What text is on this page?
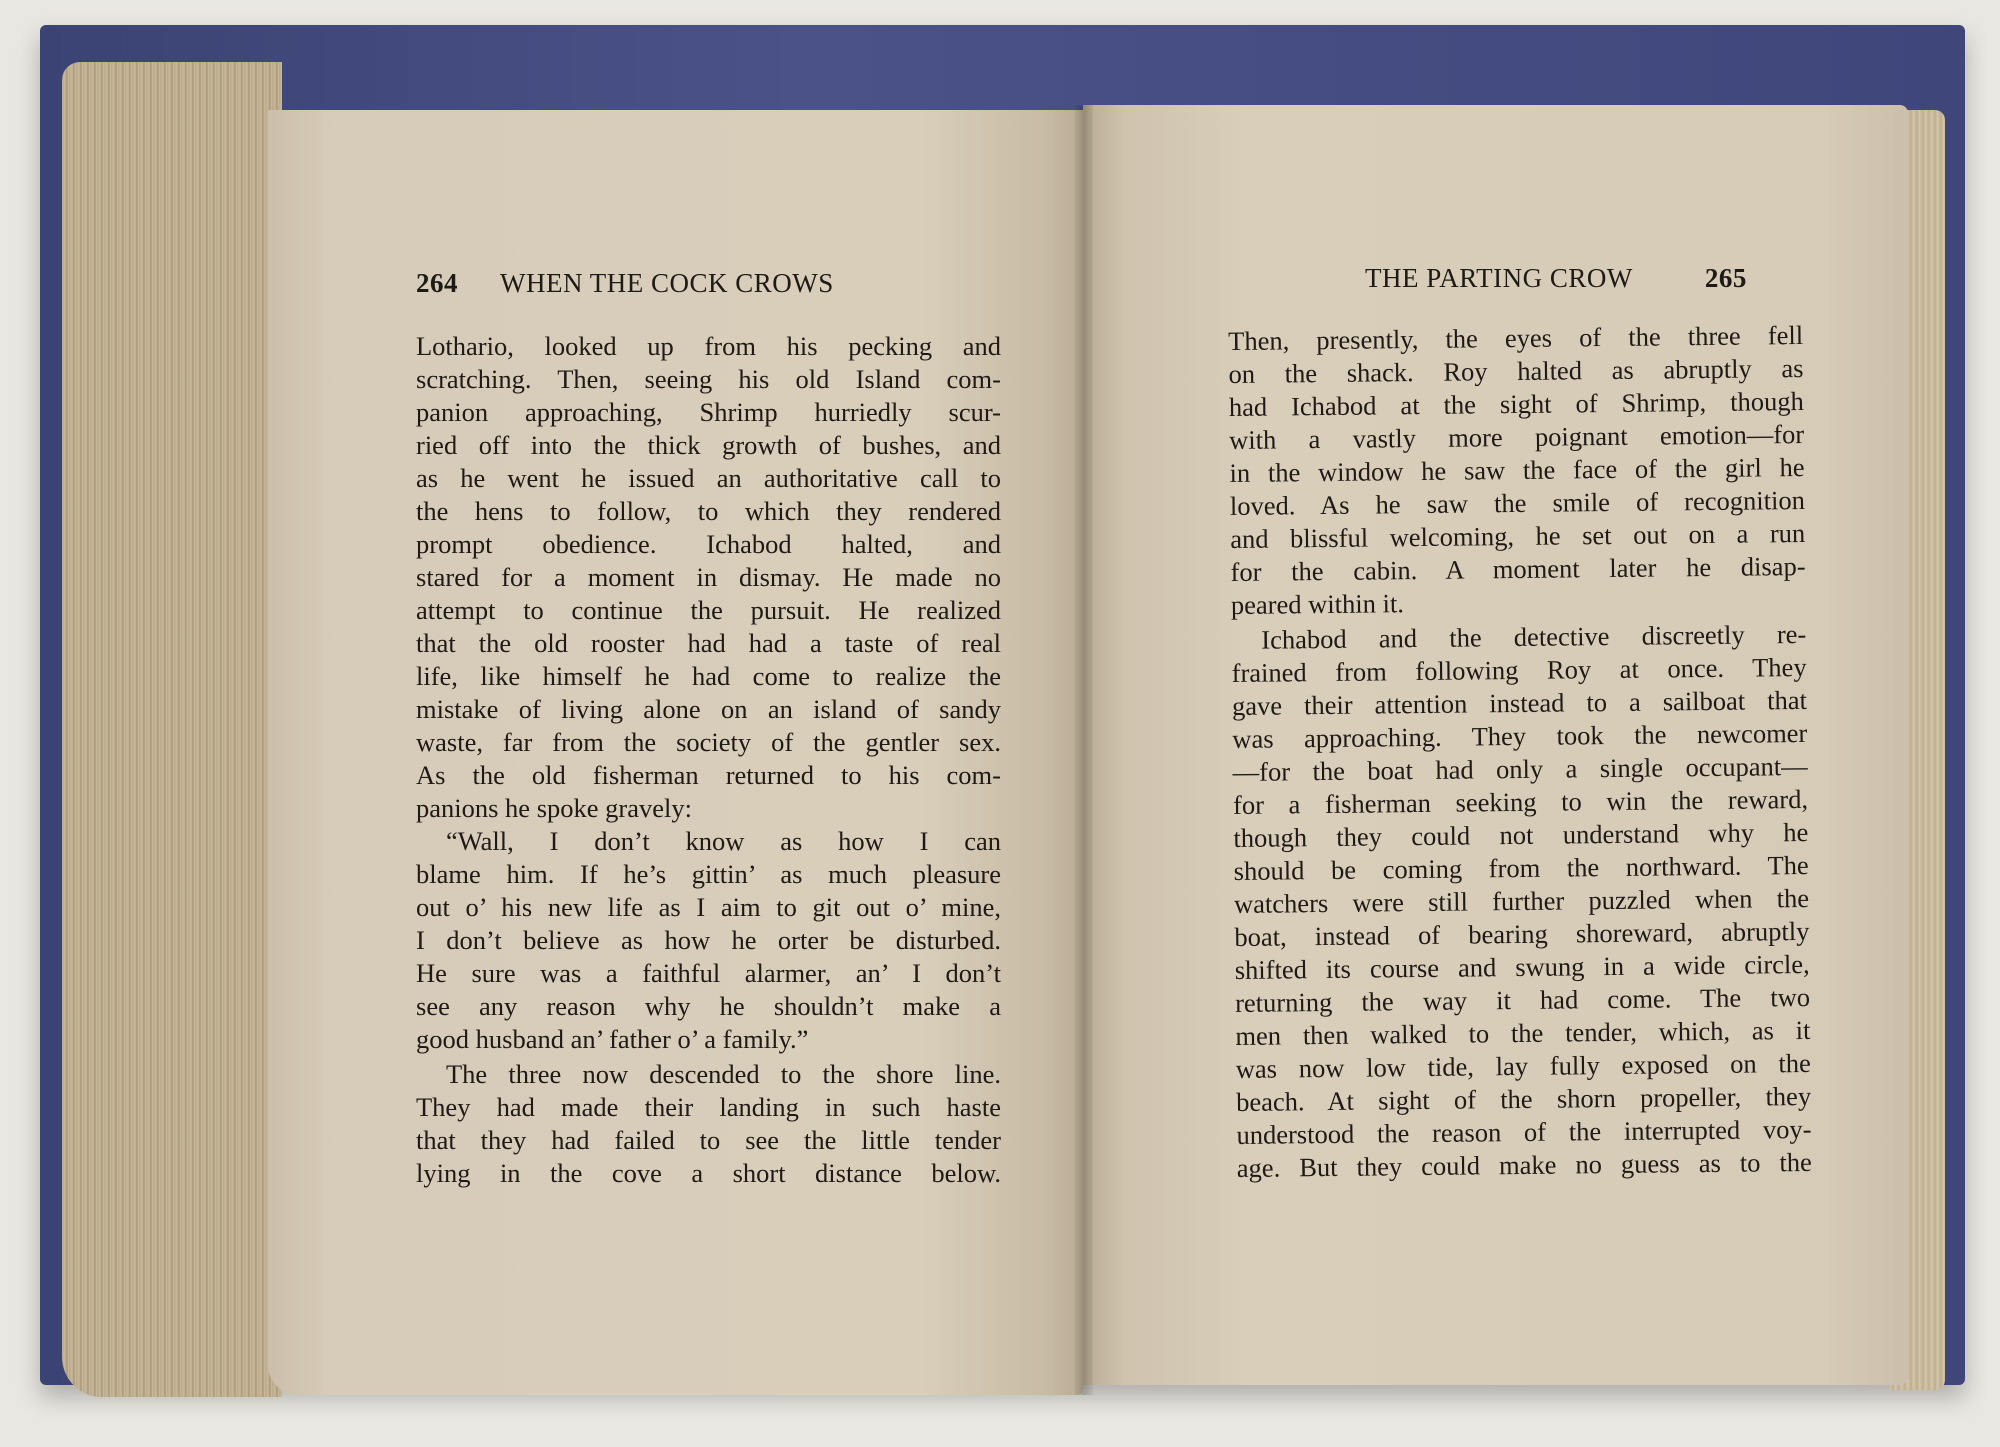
264 WHEN THE COCK CROWS
Lothario, looked up from his pecking and
scratching. Then, seeing his old Island com-
panion approaching, Shrimp hurriedly scur-
ried off into the thick growth of bushes, and
as he went he issued an authoritative call to
the hens to follow, to which they rendered
prompt obedience. Ichabod halted, and
stared for a moment in dismay. He made no
attempt to continue the pursuit. He realized
that the old rooster had had a taste of real
life, like himself he had come to realize the
mistake of living alone on an island of sandy
waste, far from the society of the gentler sex.
As the old fisherman returned to his com-
panions he spoke gravely:
“Wall, I don’t know as how I can
blame him. If he’s gittin’ as much pleasure
out o’ his new life as I aim to git out o’ mine,
I don’t believe as how he orter be disturbed.
He sure was a faithful alarmer, an’ I don’t
see any reason why he shouldn’t make a
good husband an’ father o’ a family.”
The three now descended to the shore line.
They had made their landing in such haste
that they had failed to see the little tender
lying in the cove a short distance below.
THE PARTING CROW	265
Then, presently, the eyes of the three fell
on the shack. Roy halted as abruptly as
had Ichabod at the sight of Shrimp, though
with a vastly more poignant emotion—for
in the window he saw the face of the girl he
loved. As he saw the smile of recognition
and blissful welcoming, he set out on a run
for the cabin. A moment later he disap-
peared within it.
Ichabod and the detective discreetly re-
frained from following Roy at once. They
gave their attention instead to a sailboat that
was approaching. They took the newcomer
—for the boat had only a single occupant—
for a fisherman seeking to win the reward,
though they could not understand why he
should be coming from the northward. The
watchers were still further puzzled when the
boat, instead of bearing shoreward, abruptly
shifted its course and swung in a wide circle,
returning the way it had come. The two
men then walked to the tender, which, as it
was now low tide, lay fully exposed on the
beach. At sight of the shorn propeller, they
understood the reason of the interrupted voy-
age. But they could make no guess as to the
